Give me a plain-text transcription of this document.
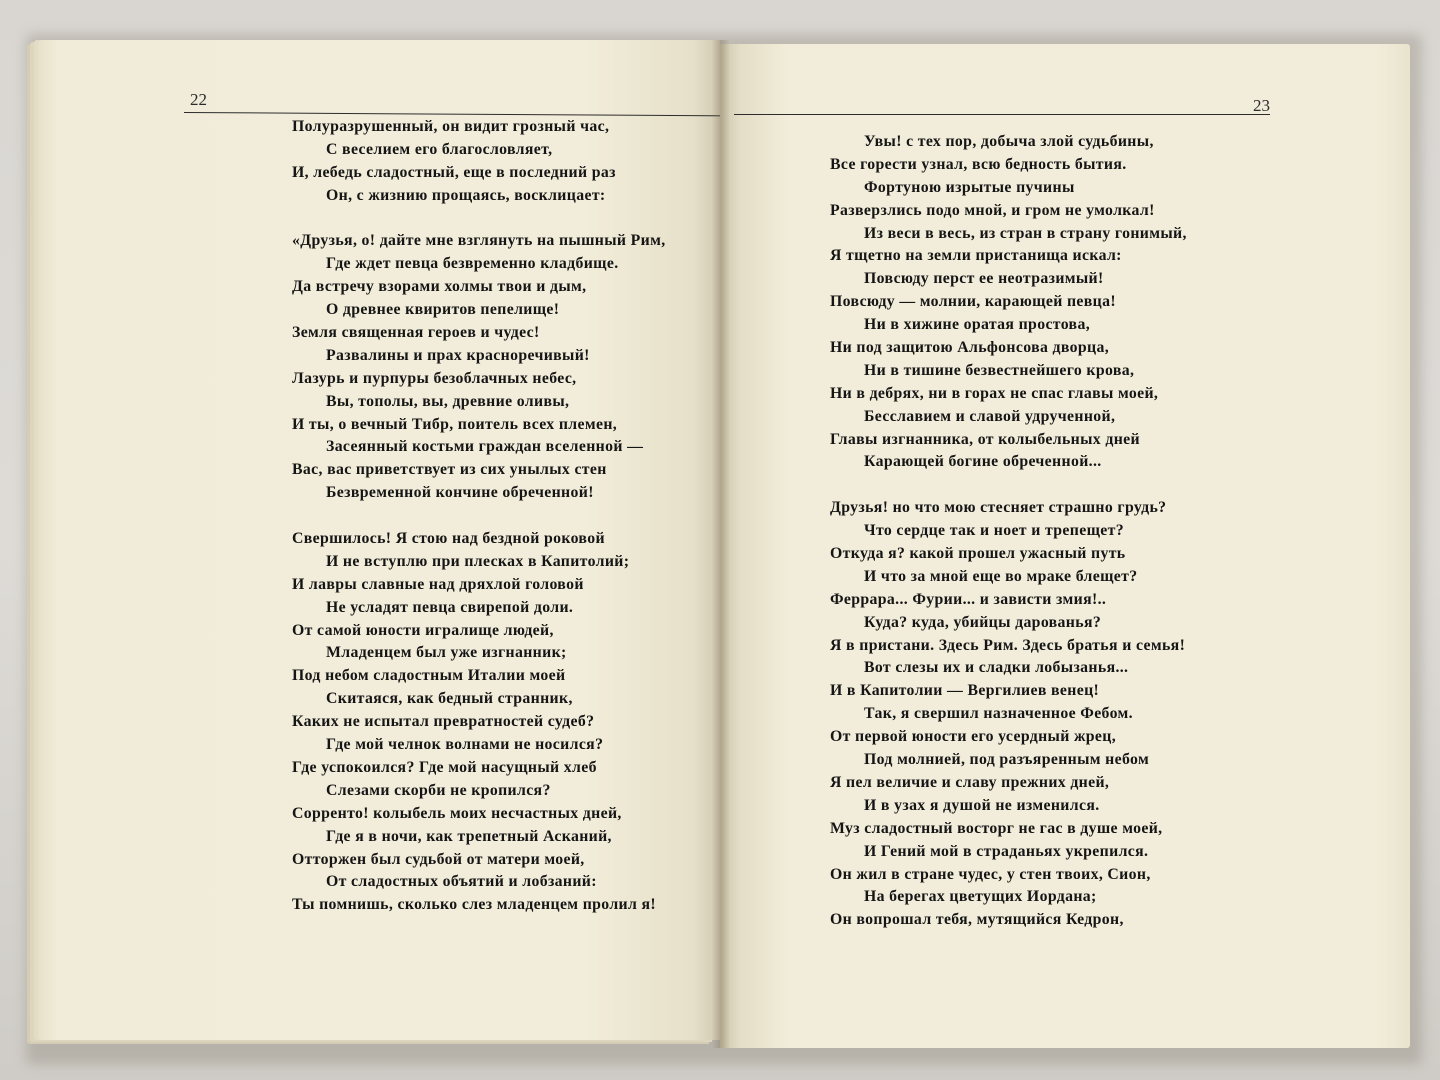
22
Полуразрушенный, он видит грозный час,
С веселием его благословляет,
И, лебедь сладостный, еще в последний раз
Он, с жизнию прощаясь, восклицает:
«Друзья, о! дайте мне взглянуть на пышный Рим,
Где ждет певца безвременно кладбище.
Да встречу взорами холмы твои и дым,
О древнее квиритов пепелище!
Земля священная героев и чудес!
Развалины и прах красноречивый!
Лазурь и пурпуры безоблачных небес,
Вы, тополы, вы, древние оливы,
И ты, о вечный Тибр, поитель всех племен,
Засеянный костьми граждан вселенной —
Вас, вас приветствует из сих унылых стен
Безвременной кончине обреченной!
Свершилось! Я стою над бездной роковой
И не вступлю при плесках в Капитолий;
И лавры славные над дряхлой головой
Не усладят певца свирепой доли.
От самой юности игралище людей,
Младенцем был уже изгнанник;
Под небом сладостным Италии моей
Скитаяся, как бедный странник,
Каких не испытал превратностей судеб?
Где мой челнок волнами не носился?
Где успокоился? Где мой насущный хлеб
Слезами скорби не кропился?
Сорренто! колыбель моих несчастных дней,
Где я в ночи, как трепетный Асканий,
Отторжен был судьбой от матери моей,
От сладостных объятий и лобзаний:
Ты помнишь, сколько слез младенцем пролил я!
23
Увы! с тех пор, добыча злой судьбины,
Все горести узнал, всю бедность бытия.
Фортуною изрытые пучины
Разверзлись подо мной, и гром не умолкал!
Из веси в весь, из стран в страну гонимый,
Я тщетно на земли пристанища искал:
Повсюду перст ее неотразимый!
Повсюду — молнии, карающей певца!
Ни в хижине оратая простова,
Ни под защитою Альфонсова дворца,
Ни в тишине безвестнейшего крова,
Ни в дебрях, ни в горах не спас главы моей,
Бесславием и славой удрученной,
Главы изгнанника, от колыбельных дней
Карающей богине обреченной...
Друзья! но что мою стесняет страшно грудь?
Что сердце так и ноет и трепещет?
Откуда я? какой прошел ужасный путь
И что за мной еще во мраке блещет?
Феррара... Фурии... и зависти змия!..
Куда? куда, убийцы дарованья?
Я в пристани. Здесь Рим. Здесь братья и семья!
Вот слезы их и сладки лобызанья...
И в Капитолии — Вергилиев венец!
Так, я свершил назначенное Фебом.
От первой юности его усердный жрец,
Под молнией, под разъяренным небом
Я пел величие и славу прежних дней,
И в узах я душой не изменился.
Муз сладостный восторг не гас в душе моей,
И Гений мой в страданьях укрепился.
Он жил в стране чудес, у стен твоих, Сион,
На берегах цветущих Иордана;
Он вопрошал тебя, мутящийся Кедрон,
